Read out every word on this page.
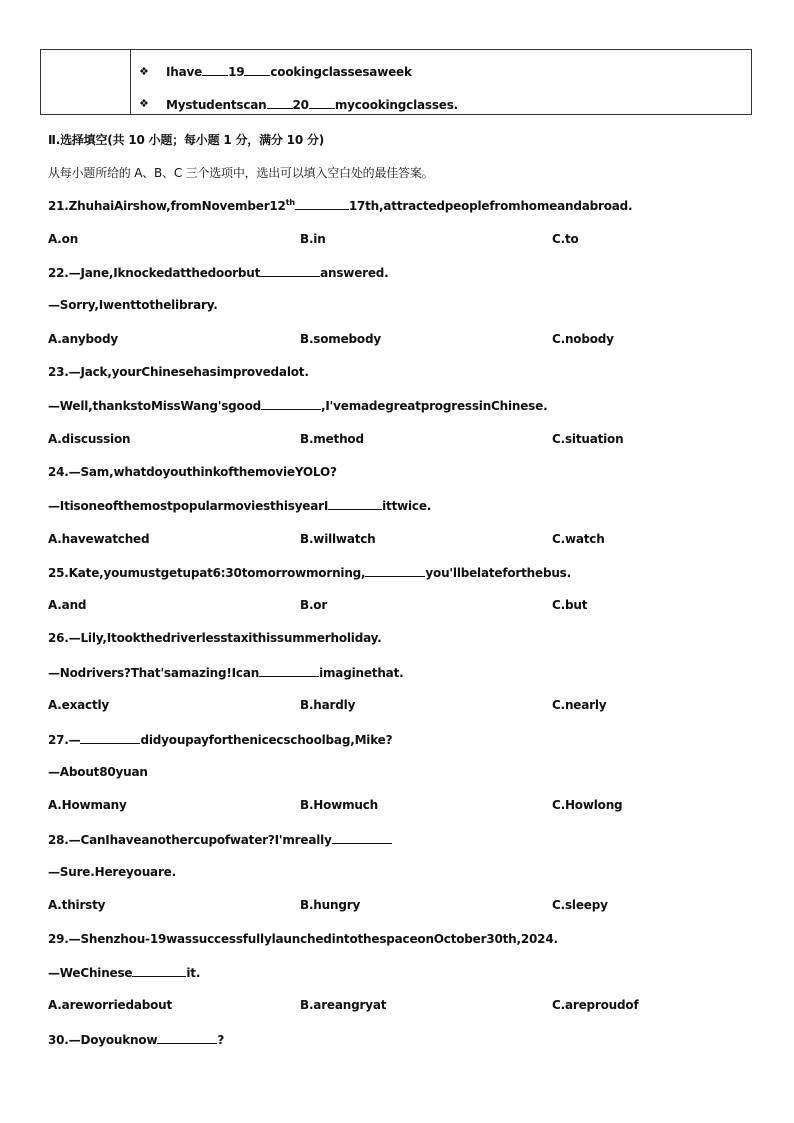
❖ Ihave 19 cookingclassesaweek
❖ Mystudentscan 20 mycookingclasses.
Ⅱ.选择填空(共 10 小题；每小题 1 分，满分 10 分)
从每小题所给的 A、B、C 三个选项中，选出可以填入空白处的最佳答案。
21.ZhuhaiAirshow,fromNovember12th	17th,attractedpeoplefromhomeandabroad.
A.on	B.in	C.to
22.—Jane,Iknockedatthedoorbut	answered.
—Sorry,Iwenttothelibrary.
A.anybody	B.somebody	C.nobody
23.—Jack,yourChinesehasimprovedalot.
—Well,thankstoMissWang'sgood	,I'vemadegreatprogressinChinese.
A.discussion	B.method	C.situation
24.—Sam,whatdoyouthinkofthemovieYOLO?
—ItisoneofthemostpopularmoviesthisyearI	ittwice.
A.havewatched	B.willwatch	C.watch
25.Kate,youmustgetupat6:30tomorrowmorning,	you'llbelateforthebus.
A.and	B.or	C.but
26.—Lily,Itookthedriverlesstaxithissummerholiday.
—Nodrivers?That'samazing!Ican	imaginethat.
A.exactly	B.hardly	C.nearly
27.—	didyoupayforthenicecschoolbag,Mike?
—About80yuan
A.Howmany	B.Howmuch	C.Howlong
28.—CanIhaveanothercupofwater?I'mreally
—Sure.Hereyouare.
A.thirsty	B.hungry	C.sleepy
29.—Shenzhou-19wassuccessfullylaunchedintothespaceonOctober30th,2024.
—WeChinese	it.
A.areworriedabout	B.areangryat	C.areproudof
30.—Doyouknow	?
